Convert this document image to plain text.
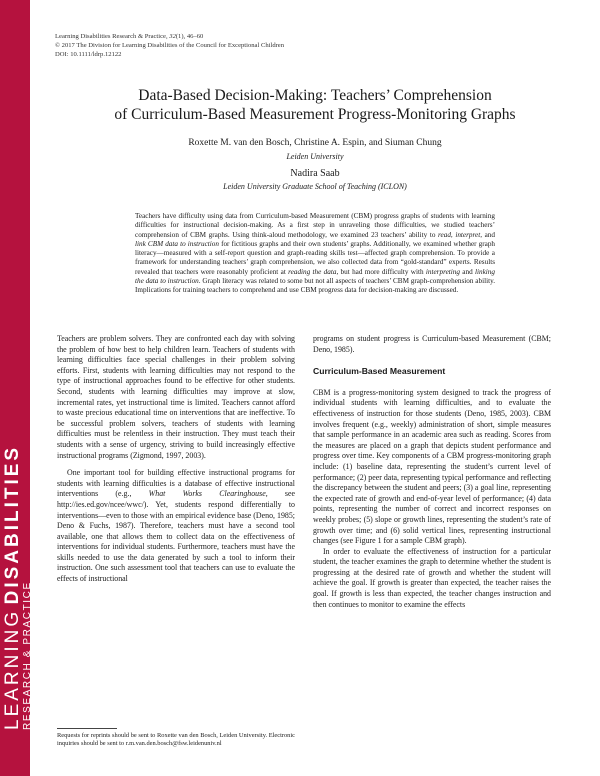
LEARNING DISABILITIES
RESEARCH & PRACTICE
Learning Disabilities Research & Practice, 32(1), 46–60
© 2017 The Division for Learning Disabilities of the Council for Exceptional Children
DOI: 10.1111/ldrp.12122
Data-Based Decision-Making: Teachers’ Comprehension
of Curriculum-Based Measurement Progress-Monitoring Graphs
Roxette M. van den Bosch, Christine A. Espin, and Siuman Chung
Leiden University
Nadira Saab
Leiden University Graduate School of Teaching (ICLON)
Teachers have difficulty using data from Curriculum-based Measurement (CBM) progress graphs of students with learning difficulties for instructional decision-making. As a first step in unraveling those difficulties, we studied teachers’ comprehension of CBM graphs. Using think-aloud methodology, we examined 23 teachers’ ability to read, interpret, and link CBM data to instruction for fictitious graphs and their own students’ graphs. Additionally, we examined whether graph literacy—measured with a self-report question and graph-reading skills test—affected graph comprehension. To provide a framework for understanding teachers’ graph comprehension, we also collected data from “gold-standard” experts. Results revealed that teachers were reasonably proficient at reading the data, but had more difficulty with interpreting and linking the data to instruction. Graph literacy was related to some but not all aspects of teachers’ CBM graph-comprehension ability. Implications for training teachers to comprehend and use CBM progress data for decision-making are discussed.

Teachers are problem solvers. They are confronted each day with solving the problem of how best to help children learn. Teachers of students with learning difficulties face special challenges in their problem solving efforts. First, students with learning difficulties may not respond to the type of instructional approaches found to be effective for other students. Second, students with learning difficulties may improve at slow, incremental rates, yet instructional time is limited. Teachers cannot afford to waste precious educational time on interventions that are ineffective. To be successful problem solvers, teachers of students with learning difficulties must be relentless in their instruction. They must teach their students with a sense of urgency, striving to build increasingly effective instructional programs (Zigmond, 1997, 2003).

One important tool for building effective instructional programs for students with learning difficulties is a database of effective instructional interventions (e.g., What Works Clearinghouse, see http://ies.ed.gov/ncee/wwc/). Yet, students respond differentially to interventions—even to those with an empirical evidence base (Deno, 1985; Deno & Fuchs, 1987). Therefore, teachers must have a second tool available, one that allows them to collect data on the effectiveness of interventions for individual students. Furthermore, teachers must have the skills needed to use the data generated by such a tool to inform their instruction. One such assessment tool that teachers can use to evaluate the effects of instructional

programs on student progress is Curriculum-based Measurement (CBM; Deno, 1985).

Curriculum-Based Measurement

CBM is a progress-monitoring system designed to track the progress of individual students with learning difficulties, and to evaluate the effectiveness of instruction for those students (Deno, 1985, 2003). CBM involves frequent (e.g., weekly) administration of short, simple measures that sample performance in an academic area such as reading. Scores from the measures are placed on a graph that depicts student performance and progress over time. Key components of a CBM progress-monitoring graph include: (1) baseline data, representing the student’s current level of performance; (2) peer data, representing typical performance and reflecting the discrepancy between the student and peers; (3) a goal line, representing the expected rate of growth and end-of-year level of performance; (4) data points, representing the number of correct and incorrect responses on weekly probes; (5) slope or growth lines, representing the student’s rate of growth over time; and (6) solid vertical lines, representing instructional changes (see Figure 1 for a sample CBM graph).

In order to evaluate the effectiveness of instruction for a particular student, the teacher examines the graph to determine whether the student is progressing at the desired rate of growth and whether the student will achieve the goal. If growth is greater than expected, the teacher raises the goal. If growth is less than expected, the teacher changes instruction and then continues to monitor to examine the effects

Requests for reprints should be sent to Roxette van den Bosch, Leiden University. Electronic inquiries should be sent to r.m.van.den.bosch@fsw.leidenuniv.nl
